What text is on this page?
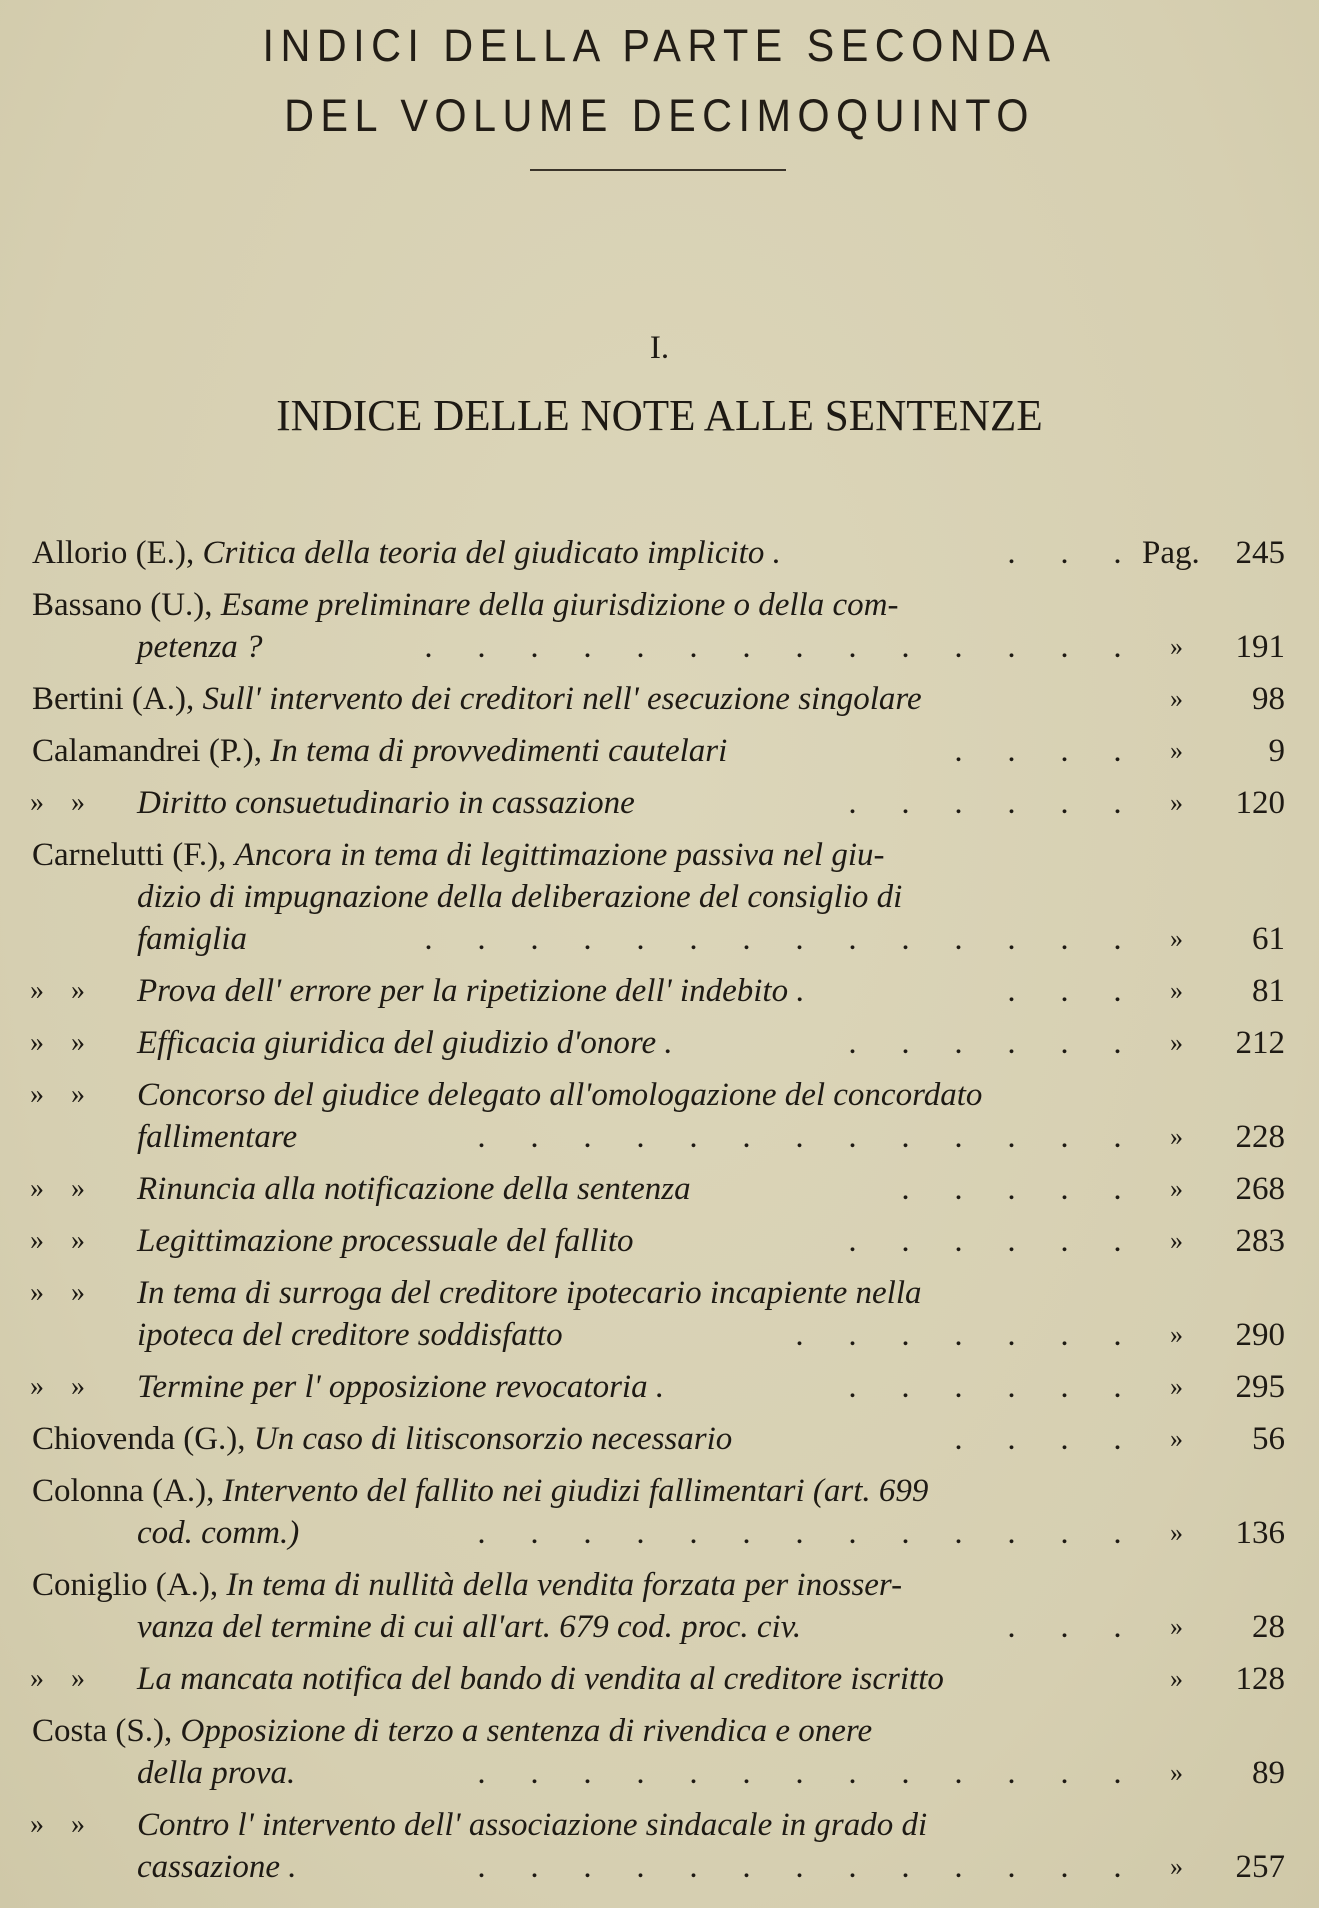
INDICI DELLA PARTE SECONDA
DEL VOLUME DECIMOQUINTO
I.
INDICE DELLE NOTE ALLE SENTENZE
Allorio (E.), Critica della teoria del giudicato implicito .	. . . Pag. 245
Bassano (U.), Esame preliminare della giurisdizione o della com-
petenza ?	. . . . . . . . . . . . . .	» 191
Bertini (A.), Sull' intervento dei creditori nell' esecuzione singolare	» 98
Calamandrei (P.), In tema di provvedimenti cautelari	. . . .	»	9
» » Diritto consuetudinario in cassazione	. . . . . .	» 120
Carnelutti (F.), Ancora in tema di legittimazione passiva nel giu-
dizio di impugnazione della deliberazione del consiglio di
famiglia	. . . . . . . . . . . . . .	» 61
» » Prova dell' errore per la ripetizione dell' indebito .	. . .	» 81
» » Efficacia giuridica del giudizio d'onore .	. . . . . .	» 212
» » Concorso del giudice delegato all'omologazione del concordato
fallimentare	. . . . . . . . . . . . .	» 228
» » Rinuncia alla notificazione della sentenza	. . . . .	» 268
» » Legittimazione processuale del fallito	. . . . . .	» 283
» » In tema di surroga del creditore ipotecario incapiente nella
ipoteca del creditore soddisfatto	. . . . . . .	» 290
» » Termine per l' opposizione revocatoria .	. . . . . .	» 295
Chiovenda (G.), Un caso di litisconsorzio necessario	. . . .	» 56
Colonna (A.), Intervento del fallito nei giudizi fallimentari (art. 699
cod. comm.)	. . . . . . . . . . . . .	» 136
Coniglio (A.), In tema di nullità della vendita forzata per inosser-
vanza del termine di cui all'art. 679 cod. proc. civ.	. . .	» 28
» » La mancata notifica del bando di vendita al creditore iscritto	» 128
Costa (S.), Opposizione di terzo a sentenza di rivendica e onere
della prova.	. . . . . . . . . . . . .	» 89
» » Contro l' intervento dell' associazione sindacale in grado di
cassazione .	. . . . . . . . . . . . .	» 257
